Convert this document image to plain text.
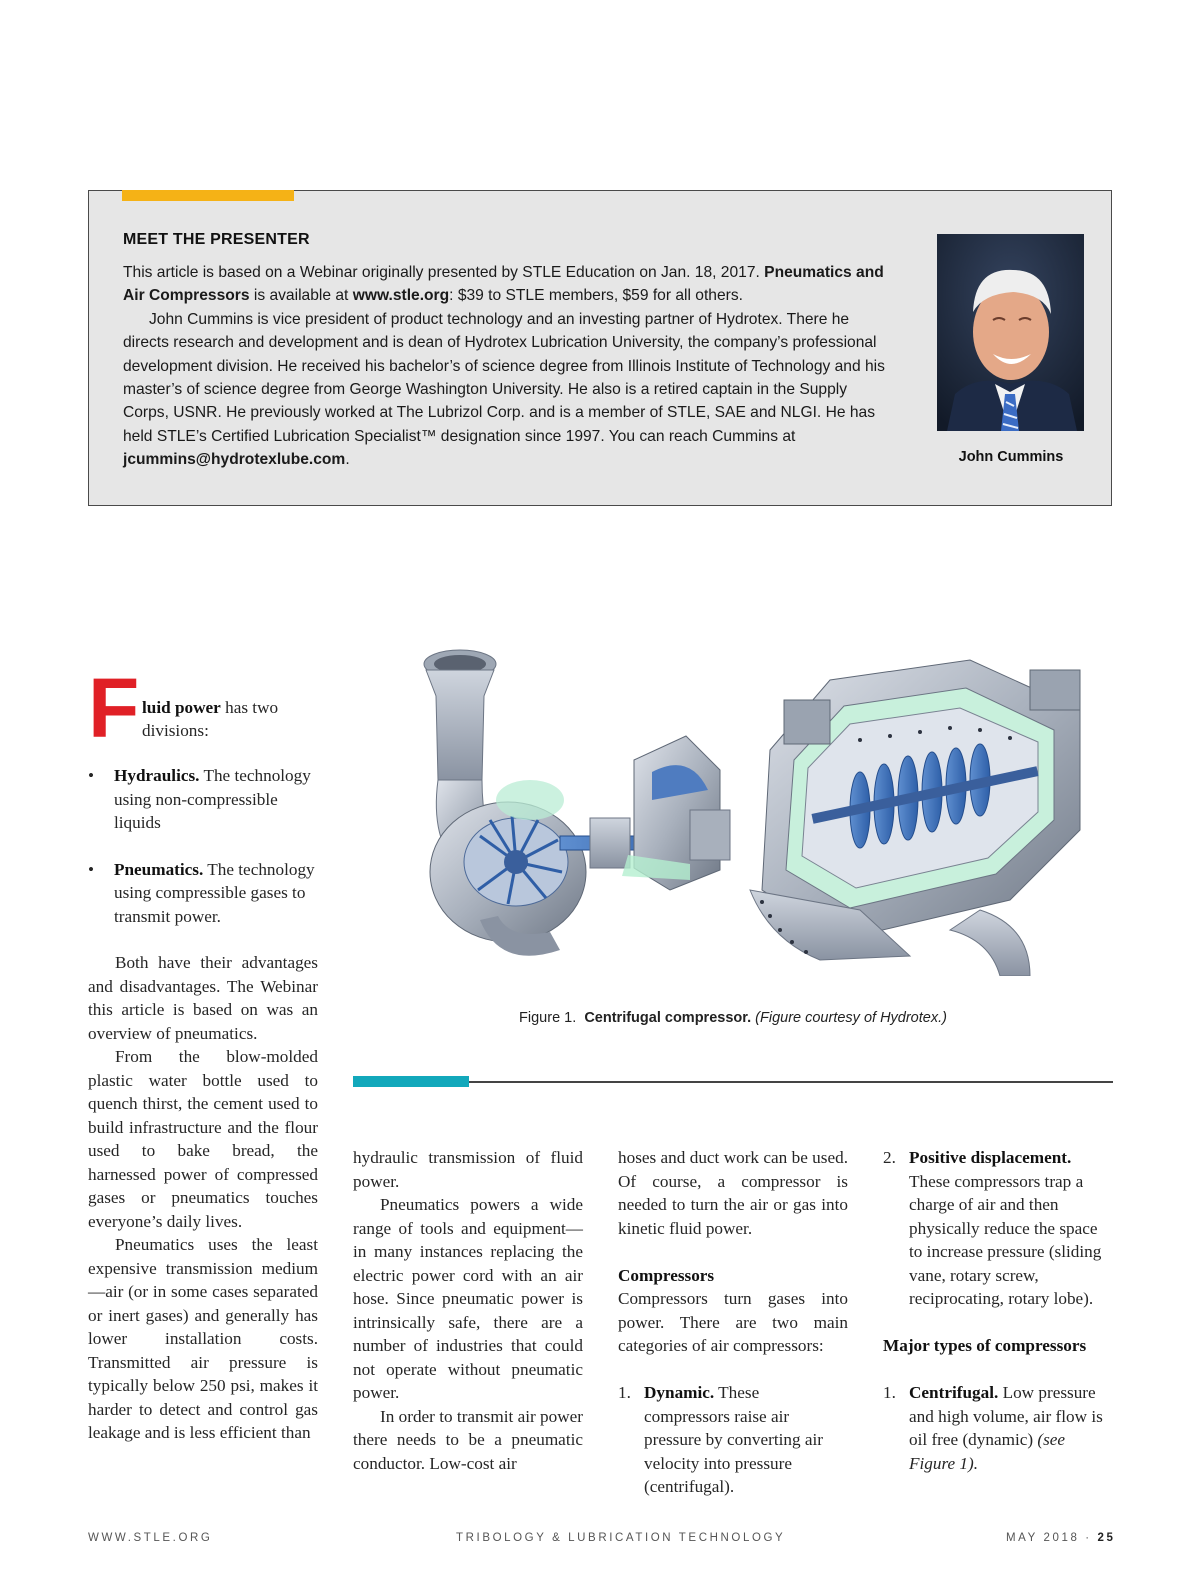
MEET THE PRESENTER

This article is based on a Webinar originally presented by STLE Education on Jan. 18, 2017. Pneumatics and Air Compressors is available at www.stle.org: $39 to STLE members, $59 for all others.

John Cummins is vice president of product technology and an investing partner of Hydrotex. There he directs research and development and is dean of Hydrotex Lubrication University, the company’s professional development division. He received his bachelor’s of science degree from Illinois Institute of Technology and his master’s of science degree from George Washington University. He also is a retired captain in the Supply Corps, USNR. He previously worked at The Lubrizol Corp. and is a member of STLE, SAE and NLGI. He has held STLE’s Certified Lubrication Specialist™ designation since 1997. You can reach Cummins at jcummins@hydrotexlube.com.	John Cummins
Figure 1. Centrifugal compressor. (Figure courtesy of Hydrotex.)
F luid power has two
divisions:

• Hydraulics. The technology using non-compressible liquids

• Pneumatics. The technology using compressible gases to transmit power.

Both have their advantages and disadvantages. The Webinar this article is based on was an overview of pneumatics.

From the blow-molded plastic water bottle used to quench thirst, the cement used to build infrastructure and the flour used to bake bread, the harnessed power of compressed gases or pneumatics touches everyone’s daily lives.

Pneumatics uses the least expensive transmission medium—air (or in some cases separated or inert gases) and generally has lower installation costs. Transmitted air pressure is typically below 250 psi, makes it harder to detect and control gas leakage and is less efficient than

hydraulic transmission of fluid power.

Pneumatics powers a wide range of tools and equipment—in many instances replacing the electric power cord with an air hose. Since pneumatic power is intrinsically safe, there are a number of industries that could not operate without pneumatic power.

In order to transmit air power there needs to be a pneumatic conductor. Low-cost air

hoses and duct work can be used. Of course, a compressor is needed to turn the air or gas into kinetic fluid power.

Compressors

Compressors turn gases into power. There are two main categories of air compressors:

1. Dynamic. These compressors raise air pressure by converting air velocity into pressure (centrifugal).

2. Positive displacement. These compressors trap a charge of air and then physically reduce the space to increase pressure (sliding vane, rotary screw, reciprocating, rotary lobe).

Major types of compressors

1. Centrifugal. Low pressure and high volume, air flow is oil free (dynamic) (see Figure 1).

WWW.STLE.ORG	TRIBOLOGY & LUBRICATION TECHNOLOGY	MAY 2018 · 25
